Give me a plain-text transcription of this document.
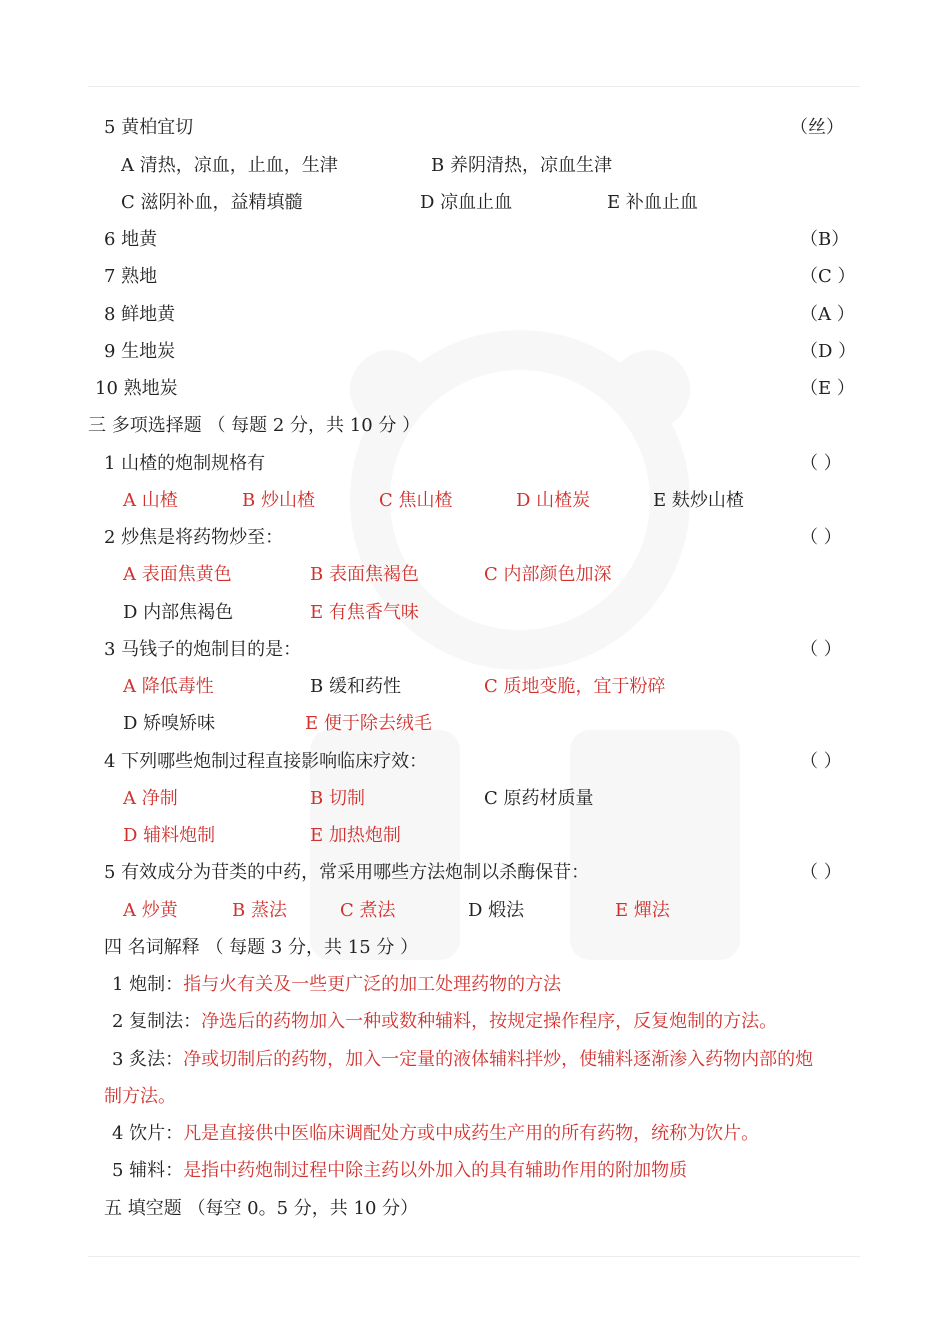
5 黄柏宜切	（丝）
A 清热，凉血，止血，生津	B 养阴清热，凉血生津
C 滋阴补血，益精填髓	D 凉血止血	E 补血止血
6 地黄	（B）
7 熟地	（C ）
8 鲜地黄	（A ）
9 生地炭	（D ）
10 熟地炭	（E ）
三 多项选择题 （ 每题 2 分，共 10 分 ）
1 山楂的炮制规格有	（ ）
A 山楂	B 炒山楂	C 焦山楂	D 山楂炭	E 麸炒山楂
2 炒焦是将药物炒至：	（ ）
A 表面焦黄色	B 表面焦褐色	C 内部颜色加深
D 内部焦褐色	E 有焦香气味
3 马钱子的炮制目的是：	（ ）
A 降低毒性	B 缓和药性	C 质地变脆，宜于粉碎
D 矫嗅矫味	E 便于除去绒毛
4 下列哪些炮制过程直接影响临床疗效：	（ ）
A 净制	B 切制	C 原药材质量
D 辅料炮制	E 加热炮制
5 有效成分为苷类的中药，常采用哪些方法炮制以杀酶保苷：	（ ）
A 炒黄	B 蒸法	C 煮法	D 煅法	E 燀法
四 名词解释 （ 每题 3 分，共 15 分 ）
1 炮制：指与火有关及一些更广泛的加工处理药物的方法
2 复制法：净选后的药物加入一种或数种辅料，按规定操作程序，反复炮制的方法。
3 炙法：净或切制后的药物，加入一定量的液体辅料拌炒，使辅料逐渐渗入药物内部的炮
制方法。
4 饮片：凡是直接供中医临床调配处方或中成药生产用的所有药物，统称为饮片。
5 辅料：是指中药炮制过程中除主药以外加入的具有辅助作用的附加物质
五 填空题 （每空 0。5 分，共 10 分）
